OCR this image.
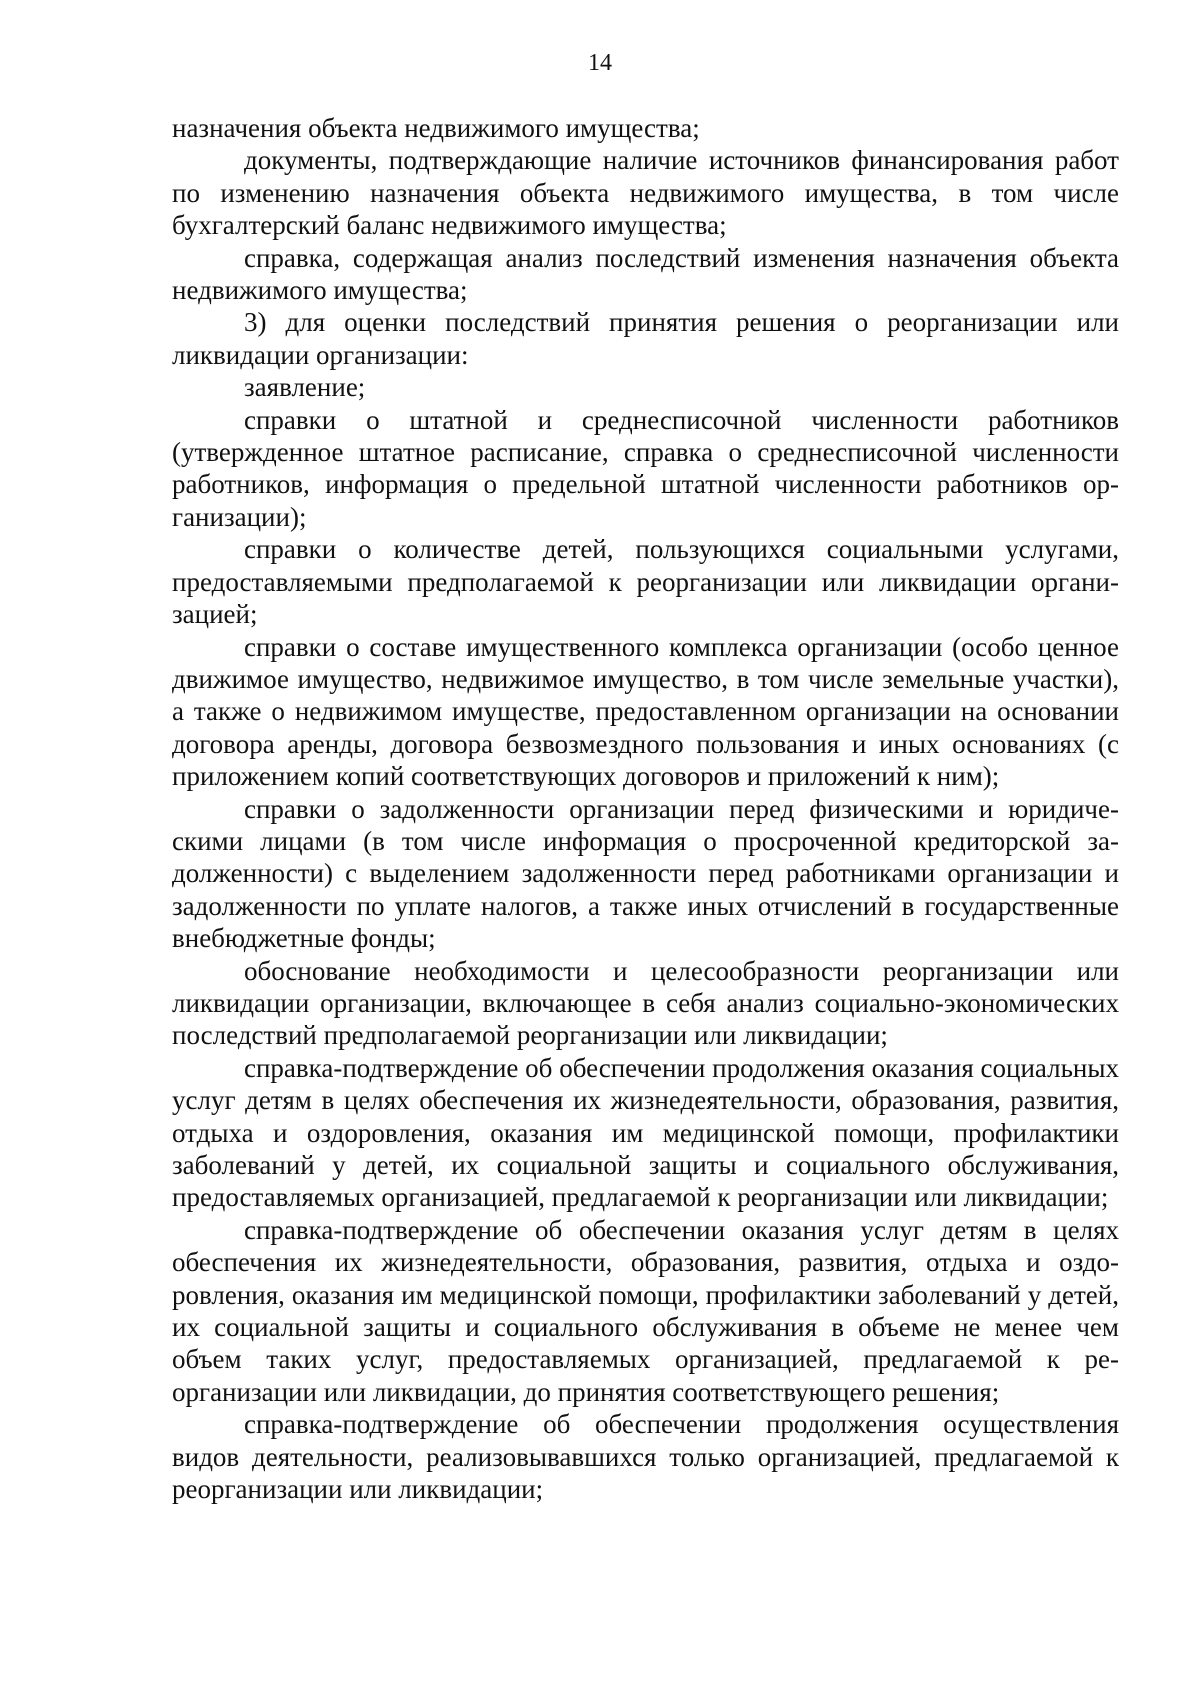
14

назначения объекта недвижимого имущества;

документы, подтверждающие наличие источников финансирования работ по изменению назначения объекта недвижимого имущества, в том числе бухгалтерский баланс недвижимого имущества;

справка, содержащая анализ последствий изменения назначения объекта недвижимого имущества;

3) для оценки последствий принятия решения о реорганизации или ликвидации организации:

заявление;

справки о штатной и среднесписочной численности работников (утвержденное штатное расписание, справка о среднесписочной численности работников, информация о предельной штатной численности работников организации);

справки о количестве детей, пользующихся социальными услугами, предоставляемыми предполагаемой к реорганизации или ликвидации организацией;

справки о составе имущественного комплекса организации (особо ценное движимое имущество, недвижимое имущество, в том числе земельные участки), а также о недвижимом имуществе, предоставленном организации на основании договора аренды, договора безвозмездного пользования и иных основаниях (с приложением копий соответствующих договоров и приложений к ним);

справки о задолженности организации перед физическими и юридическими лицами (в том числе информация о просроченной кредиторской задолженности) с выделением задолженности перед работниками организации и задолженности по уплате налогов, а также иных отчислений в государственные внебюджетные фонды;

обоснование необходимости и целесообразности реорганизации или ликвидации организации, включающее в себя анализ социально-экономических последствий предполагаемой реорганизации или ликвидации;

справка-подтверждение об обеспечении продолжения оказания социальных услуг детям в целях обеспечения их жизнедеятельности, образования, развития, отдыха и оздоровления, оказания им медицинской помощи, профилактики заболеваний у детей, их социальной защиты и социального обслуживания, предоставляемых организацией, предлагаемой к реорганизации или ликвидации;

справка-подтверждение об обеспечении оказания услуг детям в целях обеспечения их жизнедеятельности, образования, развития, отдыха и оздоровления, оказания им медицинской помощи, профилактики заболеваний у детей, их социальной защиты и социального обслуживания в объеме не менее чем объем таких услуг, предоставляемых организацией, предлагаемой к реорганизации или ликвидации, до принятия соответствующего решения;

справка-подтверждение об обеспечении продолжения осуществления видов деятельности, реализовывавшихся только организацией, предлагаемой к реорганизации или ликвидации;
